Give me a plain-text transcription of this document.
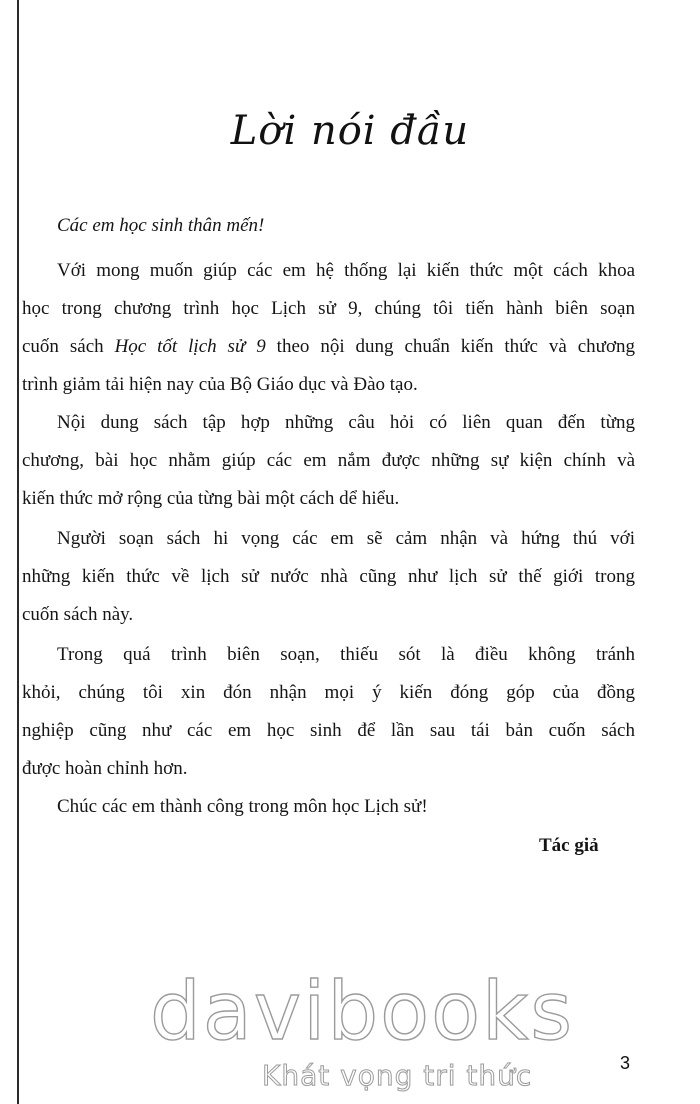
Lời nói đầu
Các em học sinh thân mến!
Với mong muốn giúp các em hệ thống lại kiến thức một cách khoa
học trong chương trình học Lịch sử 9, chúng tôi tiến hành biên soạn
cuốn sách Học tốt lịch sử 9 theo nội dung chuẩn kiến thức và chương
trình giảm tải hiện nay của Bộ Giáo dục và Đào tạo.
Nội dung sách tập hợp những câu hỏi có liên quan đến từng
chương, bài học nhằm giúp các em nắm được những sự kiện chính và
kiến thức mở rộng của từng bài một cách dể hiểu.
Người soạn sách hi vọng các em sẽ cảm nhận và hứng thú với
những kiến thức về lịch sử nước nhà cũng như lịch sử thế giới trong
cuốn sách này.
Trong quá trình biên soạn, thiếu sót là điều không tránh
khỏi, chúng tôi xin đón nhận mọi ý kiến đóng góp của đồng
nghiệp cũng như các em học sinh để lần sau tái bản cuốn sách
được hoàn chỉnh hơn.
Chúc các em thành công trong môn học Lịch sử!
Tác giả
davibooks
Khát vọng tri thức	3
